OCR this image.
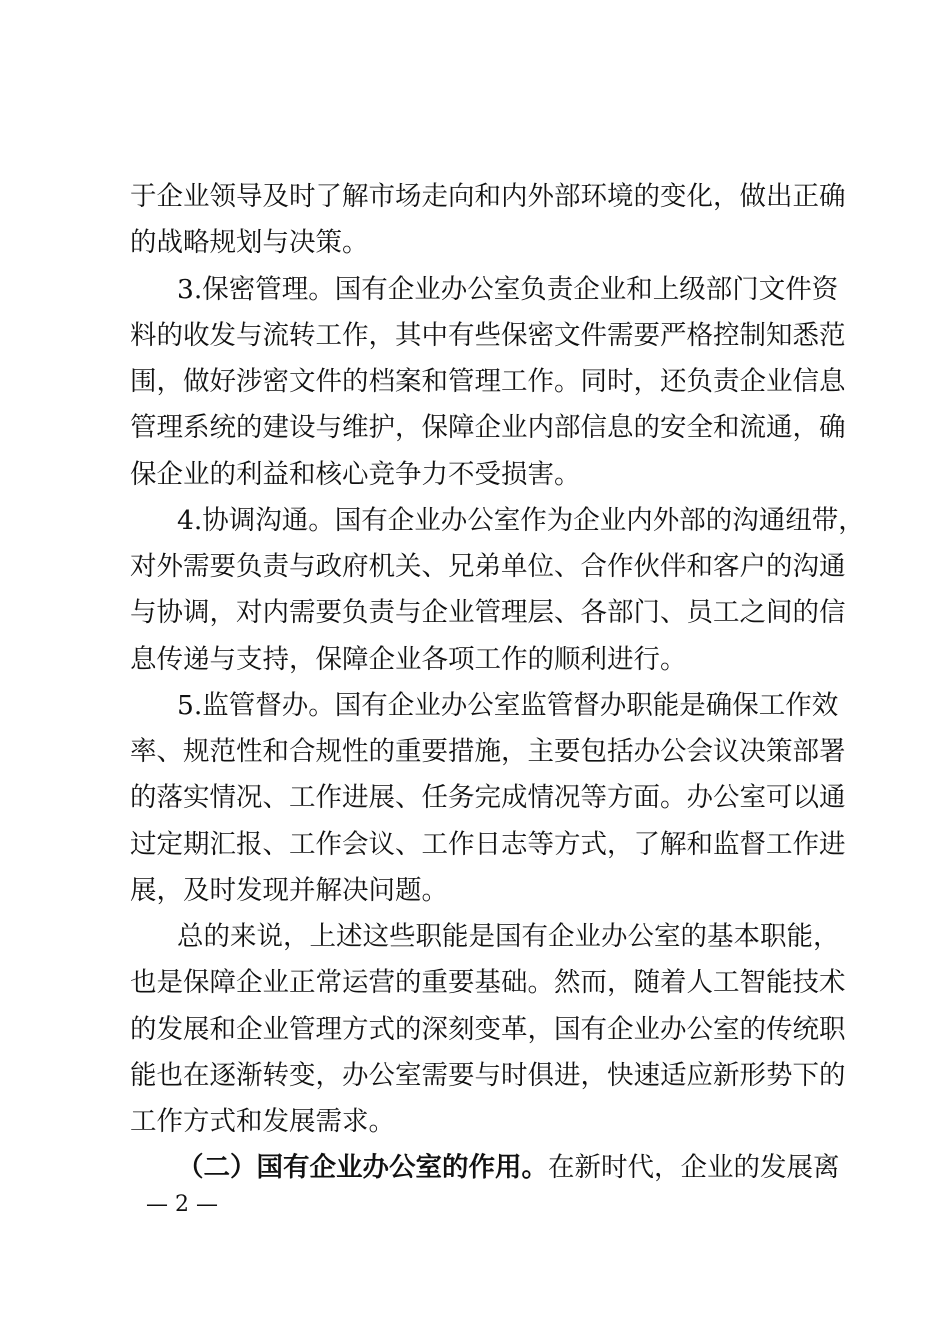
于企业领导及时了解市场走向和内外部环境的变化，做出正确
的战略规划与决策。
3.保密管理。国有企业办公室负责企业和上级部门文件资
料的收发与流转工作，其中有些保密文件需要严格控制知悉范
围，做好涉密文件的档案和管理工作。同时，还负责企业信息
管理系统的建设与维护，保障企业内部信息的安全和流通，确
保企业的利益和核心竞争力不受损害。
4.协调沟通。国有企业办公室作为企业内外部的沟通纽带，
对外需要负责与政府机关、兄弟单位、合作伙伴和客户的沟通
与协调，对内需要负责与企业管理层、各部门、员工之间的信
息传递与支持，保障企业各项工作的顺利进行。
5.监管督办。国有企业办公室监管督办职能是确保工作效
率、规范性和合规性的重要措施，主要包括办公会议决策部署
的落实情况、工作进展、任务完成情况等方面。办公室可以通
过定期汇报、工作会议、工作日志等方式，了解和监督工作进
展，及时发现并解决问题。
总的来说，上述这些职能是国有企业办公室的基本职能，
也是保障企业正常运营的重要基础。然而，随着人工智能技术
的发展和企业管理方式的深刻变革，国有企业办公室的传统职
能也在逐渐转变，办公室需要与时俱进，快速适应新形势下的
工作方式和发展需求。
（二）国有企业办公室的作用。在新时代，企业的发展离
— 2 —
